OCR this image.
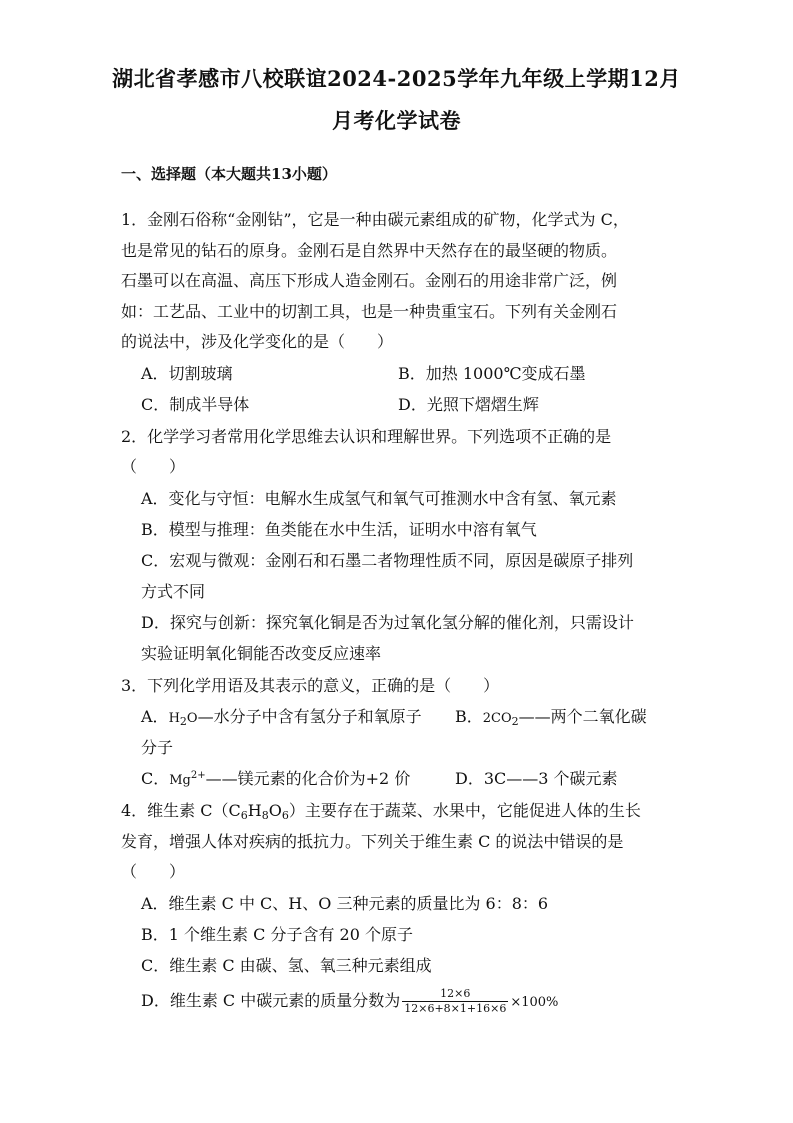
湖北省孝感市八校联谊2024-2025学年九年级上学期12月
月考化学试卷
一、选择题（本大题共13小题）
1．金刚石俗称“金刚钻”，它是一种由碳元素组成的矿物，化学式为 C，
也是常见的钻石的原身。金刚石是自然界中天然存在的最坚硬的物质。
石墨可以在高温、高压下形成人造金刚石。金刚石的用途非常广泛，例
如：工艺品、工业中的切割工具，也是一种贵重宝石。下列有关金刚石
的说法中，涉及化学变化的是（　　）
A．切割玻璃	B．加热 1000℃变成石墨
C．制成半导体	D．光照下熠熠生辉
2．化学学习者常用化学思维去认识和理解世界。下列选项不正确的是
（　　）
A．变化与守恒：电解水生成氢气和氧气可推测水中含有氢、氧元素
B．模型与推理：鱼类能在水中生活，证明水中溶有氧气
C．宏观与微观：金刚石和石墨二者物理性质不同，原因是碳原子排列
方式不同
D．探究与创新：探究氧化铜是否为过氧化氢分解的催化剂，只需设计
实验证明氧化铜能否改变反应速率
3．下列化学用语及其表示的意义，正确的是（　　）
A．$H_2O—$水分子中含有氢分子和氧原子 B．$2CO_2——$两个二氧化碳
分子
C．$Mg^{2+}——$镁元素的化合价为+2 价	D．3C——3 个碳元素
4．维生素 $C(C_6H_8O_6)$主要存在于蔬菜、水果中，它能促进人体的生长
发育，增强人体对疾病的抵抗力。下列关于维生素 C 的说法中错误的是
（　　）
A．维生素 C 中 C、H、O 三种元素的质量比为 6：8：6
B．1 个维生素 C 分子含有 20 个原子
C．维生素 C 由碳、氢、氧三种元素组成
D．维生素 C 中碳元素的质量分数为 $\frac{12\times 6}{12\times 6+8\times 1+16\times 6} \times 100\%$
